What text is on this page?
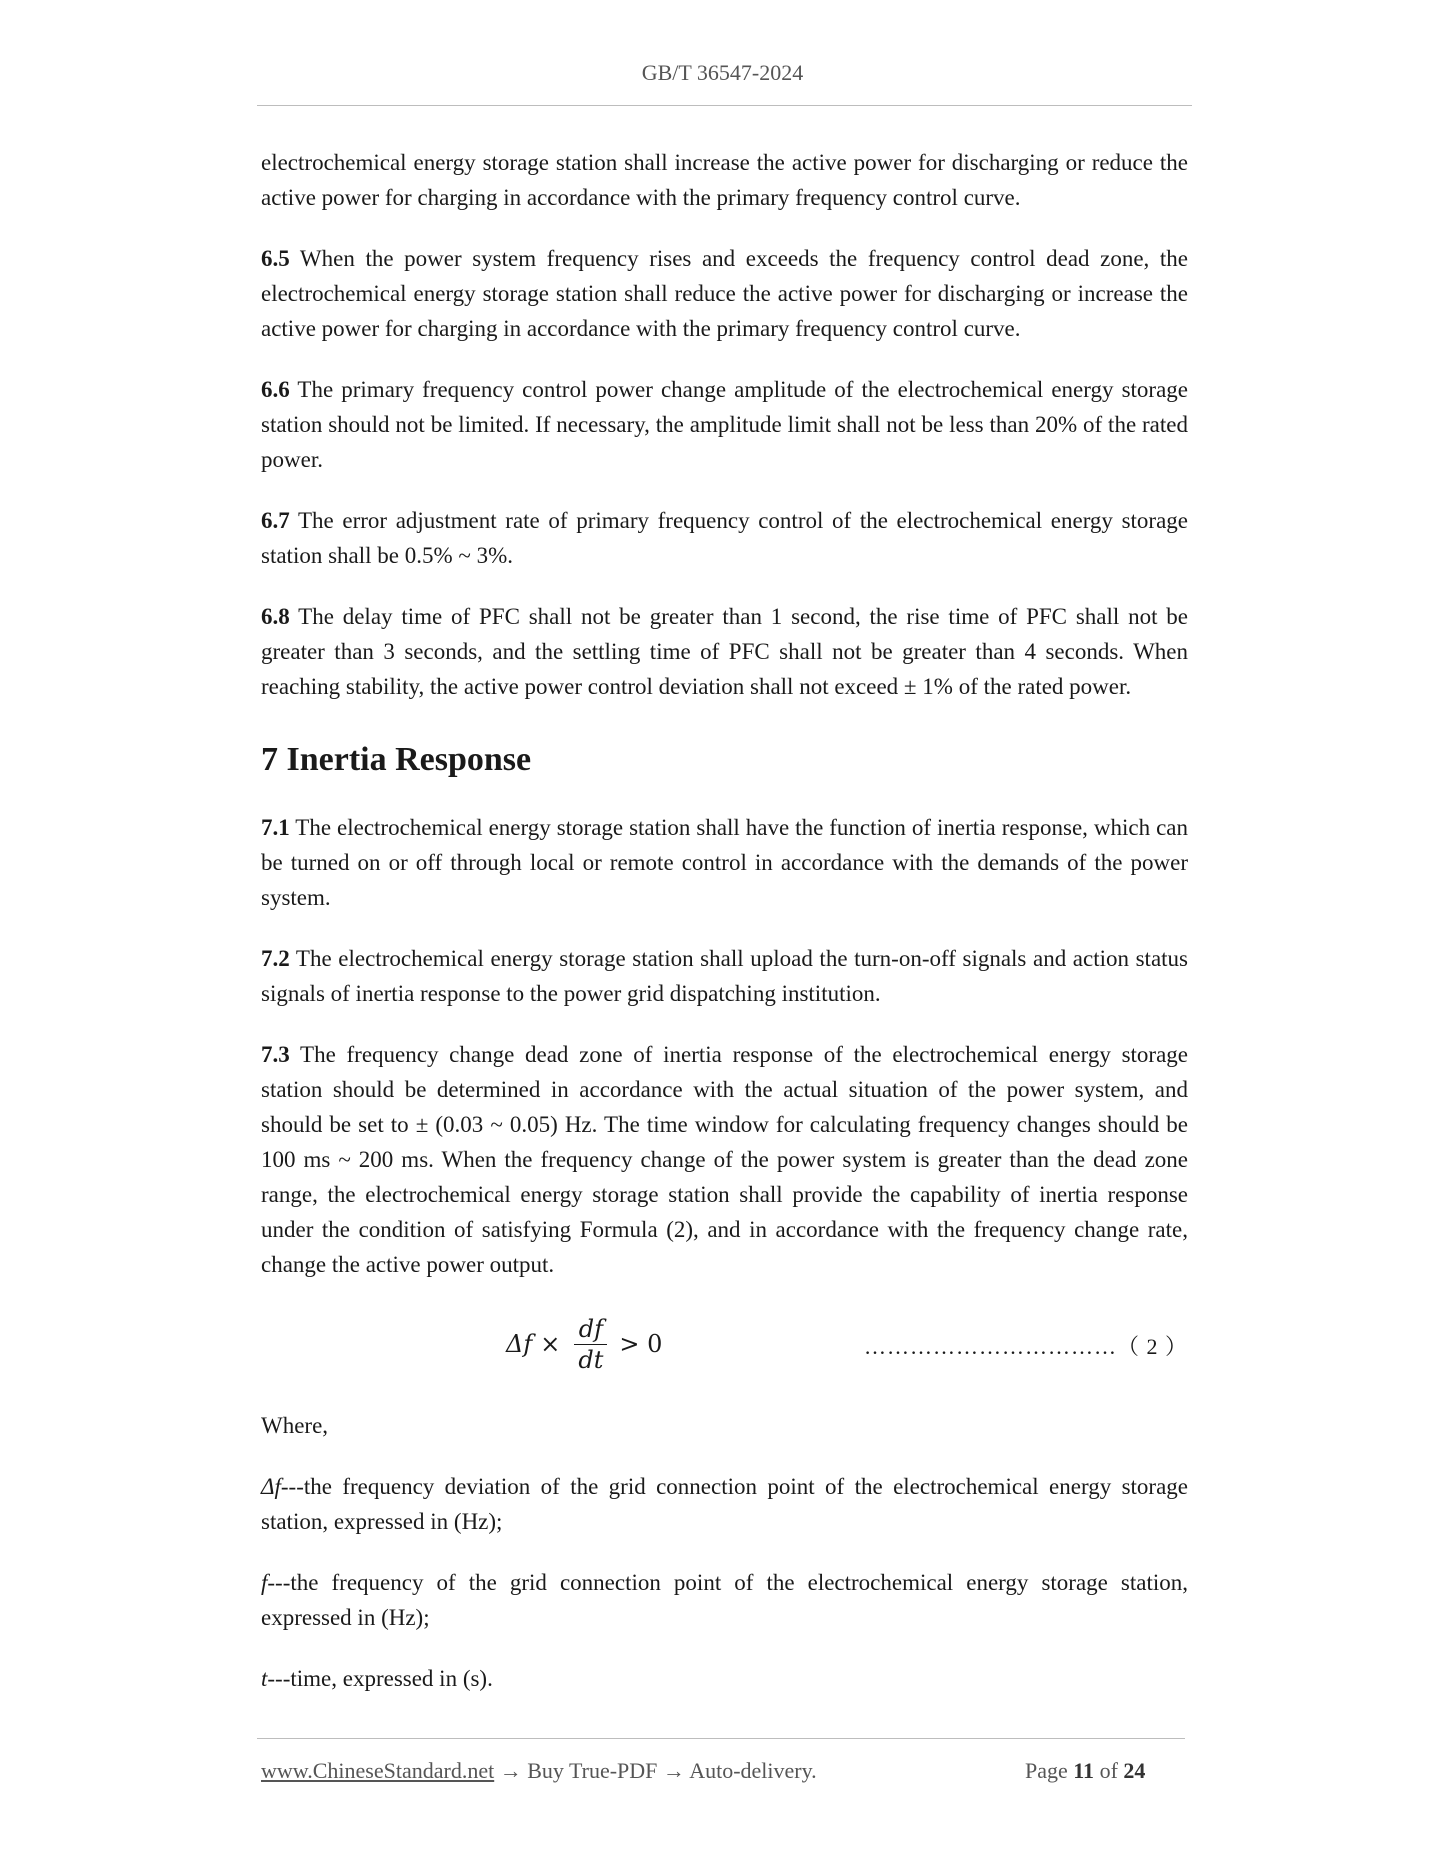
GB/T 36547-2024

electrochemical energy storage station shall increase the active power for discharging or reduce the active power for charging in accordance with the primary frequency control curve.

6.5 When the power system frequency rises and exceeds the frequency control dead zone, the electrochemical energy storage station shall reduce the active power for discharging or increase the active power for charging in accordance with the primary frequency control curve.

6.6 The primary frequency control power change amplitude of the electrochemical energy storage station should not be limited. If necessary, the amplitude limit shall not be less than 20% of the rated power.

6.7 The error adjustment rate of primary frequency control of the electrochemical energy storage station shall be 0.5% ~ 3%.

6.8 The delay time of PFC shall not be greater than 1 second, the rise time of PFC shall not be greater than 3 seconds, and the settling time of PFC shall not be greater than 4 seconds. When reaching stability, the active power control deviation shall not exceed ± 1% of the rated power.

7 Inertia Response

7.1 The electrochemical energy storage station shall have the function of inertia response, which can be turned on or off through local or remote control in accordance with the demands of the power system.

7.2 The electrochemical energy storage station shall upload the turn-on-off signals and action status signals of inertia response to the power grid dispatching institution.

7.3 The frequency change dead zone of inertia response of the electrochemical energy storage station should be determined in accordance with the actual situation of the power system, and should be set to ± (0.03 ~ 0.05) Hz. The time window for calculating frequency changes should be 100 ms ~ 200 ms. When the frequency change of the power system is greater than the dead zone range, the electrochemical energy storage station shall provide the capability of inertia response under the condition of satisfying Formula (2), and in accordance with the frequency change rate, change the active power output.

$\Delta f \times \frac{df}{dt} > 0$	……………………………（ 2 ）

Where,

Δf---the frequency deviation of the grid connection point of the electrochemical energy storage station, expressed in (Hz);

f---the frequency of the grid connection point of the electrochemical energy storage station, expressed in (Hz);

t---time, expressed in (s).

www.ChineseStandard.net → Buy True-PDF → Auto-delivery.	Page 11 of 24
